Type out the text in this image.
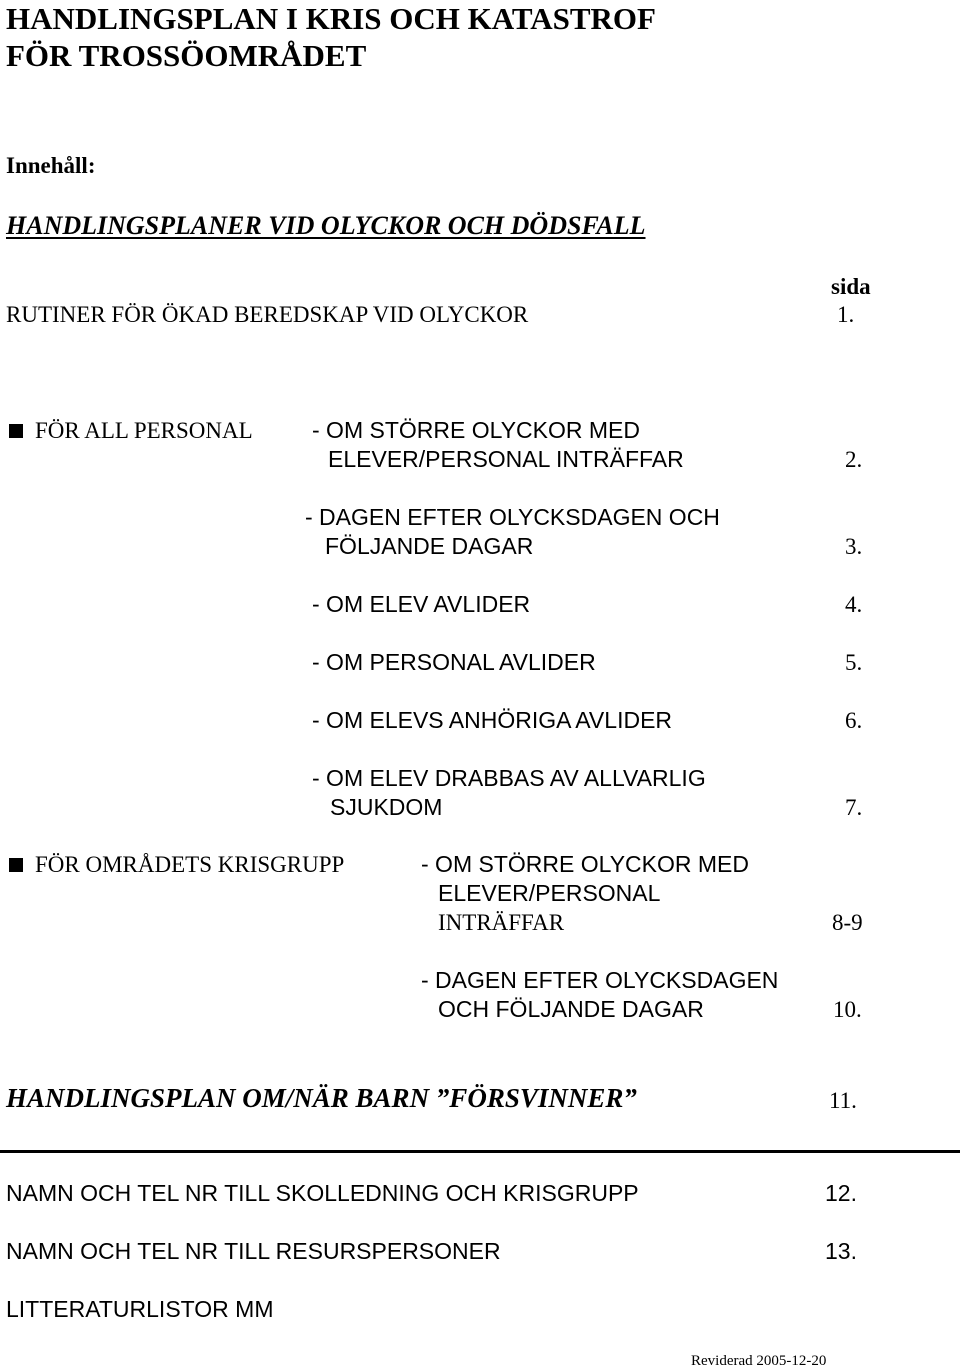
HANDLINGSPLAN I KRIS OCH KATASTROF
FÖR TROSSÖOMRÅDET
Innehåll:
HANDLINGSPLANER VID OLYCKOR OCH DÖDSFALL
sida
RUTINER FÖR ÖKAD BEREDSKAP VID OLYCKOR	1.
FÖR ALL PERSONAL	- OM STÖRRE OLYCKOR MED
ELEVER/PERSONAL INTRÄFFAR	2.
- DAGEN EFTER OLYCKSDAGEN OCH
FÖLJANDE DAGAR	3.
- OM ELEV AVLIDER	4.
- OM PERSONAL AVLIDER	5.
- OM ELEVS ANHÖRIGA AVLIDER	6.
- OM ELEV DRABBAS AV ALLVARLIG
SJUKDOM	7.
FÖR OMRÅDETS KRISGRUPP	- OM STÖRRE OLYCKOR MED
ELEVER/PERSONAL
INTRÄFFAR	8-9
- DAGEN EFTER OLYCKSDAGEN
OCH FÖLJANDE DAGAR	10.
HANDLINGSPLAN OM/NÄR BARN ”FÖRSVINNER”	11.
NAMN OCH TEL NR TILL SKOLLEDNING OCH KRISGRUPP	12.
NAMN OCH TEL NR TILL RESURSPERSONER	13.
LITTERATURLISTOR MM
Reviderad 2005-12-20
